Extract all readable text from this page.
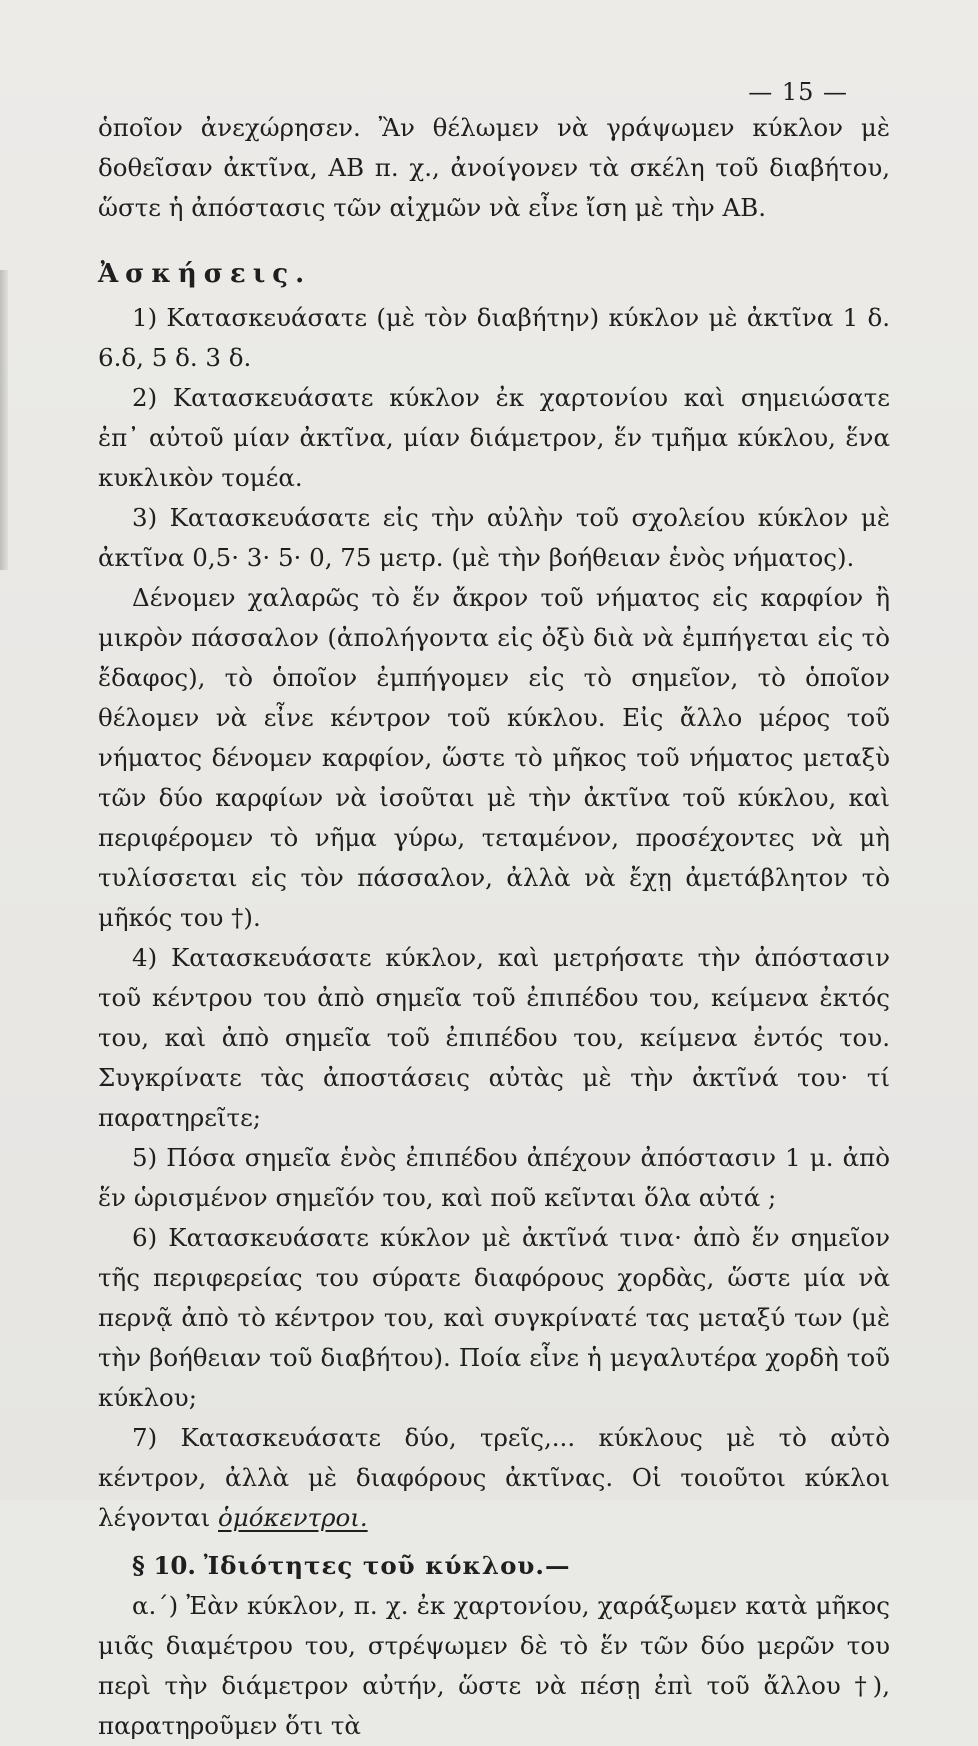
— 15 —

ὁποῖον ἀνεχώρησεν. Ἂν θέλωμεν νὰ γράψωμεν κύκλον μὲ δοθεῖσαν ἀκτῖνα, ΑΒ π. χ., ἀνοίγονεν τὰ σκέλη τοῦ διαβήτου, ὥστε ἡ ἀπόστασις τῶν αἰχμῶν νὰ εἶνε ἴση μὲ τὴν ΑΒ.

Ἀσκήσεις.

1) Κατασκευάσατε (μὲ τὸν διαβήτην) κύκλον μὲ ἀκτῖνα 1 δ. 6.δ, 5 δ. 3 δ.

2) Κατασκευάσατε κύκλον ἐκ χαρτονίου καὶ σημειώσατε ἐπ᾽ αὐτοῦ μίαν ἀκτῖνα, μίαν διάμετρον, ἕν τμῆμα κύκλου, ἕνα κυκλικὸν τομέα.

3) Κατασκευάσατε εἰς τὴν αὐλὴν τοῦ σχολείου κύκλον μὲ ἀκτῖνα 0,5· 3· 5· 0, 75 μετρ. (μὲ τὴν βοήθειαν ἑνὸς νήματος).

Δένομεν χαλαρῶς τὸ ἕν ἄκρον τοῦ νήματος εἰς καρφίον ἢ μικρὸν πάσσαλον (ἀπολήγοντα εἰς ὀξὺ διὰ νὰ ἐμπήγεται εἰς τὸ ἔδαφος), τὸ ὁποῖον ἐμπήγομεν εἰς τὸ σημεῖον, τὸ ὁποῖον θέλομεν νὰ εἶνε κέντρον τοῦ κύκλου. Εἰς ἄλλο μέρος τοῦ νήματος δένομεν καρφίον, ὥστε τὸ μῆκος τοῦ νήματος μεταξὺ τῶν δύο καρφίων νὰ ἰσοῦται μὲ τὴν ἀκτῖνα τοῦ κύκλου, καὶ περιφέρομεν τὸ νῆμα γύρω, τεταμένον, προσέχοντες νὰ μὴ τυλίσσεται εἰς τὸν πάσσαλον, ἀλλὰ νὰ ἔχῃ ἀμετάβλητον τὸ μῆκός του †).

4) Κατασκευάσατε κύκλον, καὶ μετρήσατε τὴν ἀπόστασιν τοῦ κέντρου του ἀπὸ σημεῖα τοῦ ἐπιπέδου του, κείμενα ἐκτός του, καὶ ἀπὸ σημεῖα τοῦ ἐπιπέδου του, κείμενα ἐντός του. Συγκρίνατε τὰς ἀποστάσεις αὐτὰς μὲ τὴν ἀκτῖνά του· τί παρατηρεῖτε;

5) Πόσα σημεῖα ἑνὸς ἐπιπέδου ἀπέχουν ἀπόστασιν 1 μ. ἀπὸ ἕν ὡρισμένον σημεῖόν του, καὶ ποῦ κεῖνται ὅλα αὐτά ;

6) Κατασκευάσατε κύκλον μὲ ἀκτῖνά τινα· ἀπὸ ἕν σημεῖον τῆς περιφερείας του σύρατε διαφόρους χορδὰς, ὥστε μία νὰ περνᾷ ἀπὸ τὸ κέντρον του, καὶ συγκρίνατέ τας μεταξύ των (μὲ τὴν βοήθειαν τοῦ διαβήτου). Ποία εἶνε ἡ μεγαλυτέρα χορδὴ τοῦ κύκλου;

7) Κατασκευάσατε δύο, τρεῖς,... κύκλους μὲ τὸ αὐτὸ κέντρον, ἀλλὰ μὲ διαφόρους ἀκτῖνας. Οἱ τοιοῦτοι κύκλοι λέγονται ὁμόκεντροι.

§ 10. Ἰδιότητες τοῦ κύκλου.—

α.΄) Ἐὰν κύκλον, π. χ. ἐκ χαρτονίου, χαράξωμεν κατὰ μῆκος μιᾶς διαμέτρου του, στρέψωμεν δὲ τὸ ἕν τῶν δύο μερῶν του περὶ τὴν διάμετρον αὐτήν, ὥστε νὰ πέσῃ ἐπὶ τοῦ ἄλλου †), παρατηροῦμεν ὅτι τὰ
